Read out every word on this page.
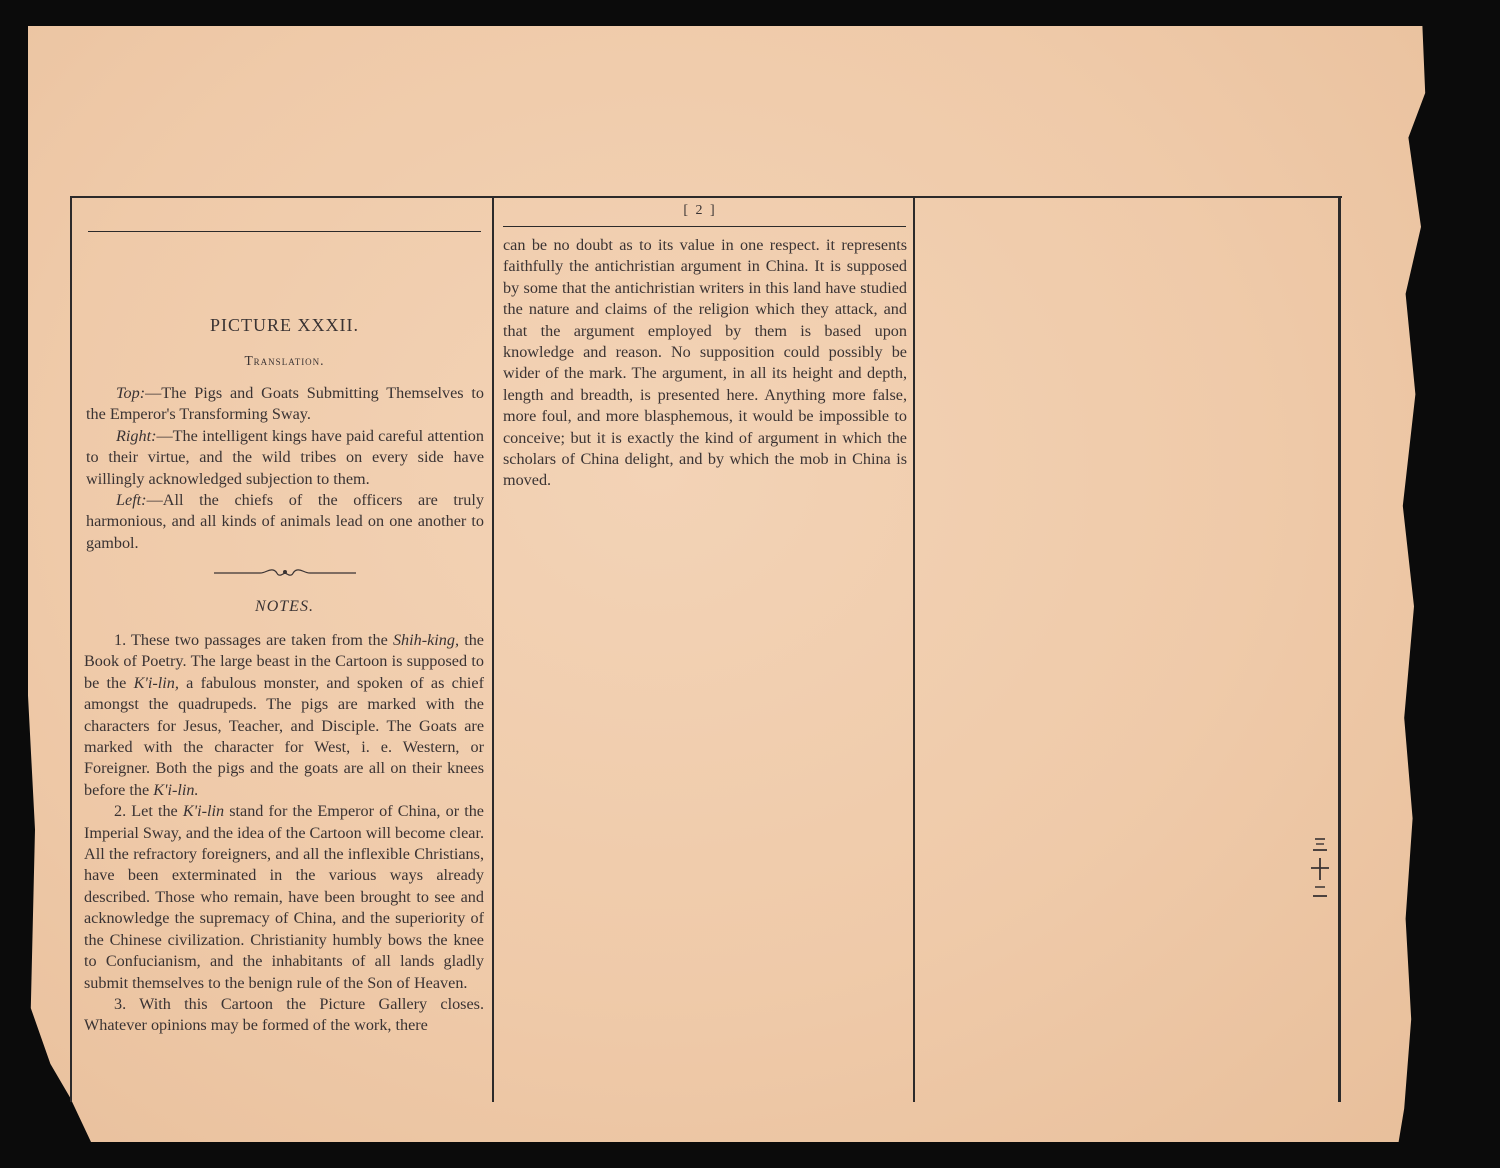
[ 2 ]
PICTURE XXXII.
Translation.

Top:—The Pigs and Goats Submitting Themselves to the Emperor's Transforming Sway.

Right:—The intelligent kings have paid careful attention to their virtue, and the wild tribes on every side have willingly acknowledged subjection to them.

Left:—All the chiefs of the officers are truly harmonious, and all kinds of animals lead on one another to gambol.

NOTES.

1. These two passages are taken from the Shih-king, the Book of Poetry. The large beast in the Cartoon is supposed to be the K'i-lin, a fabulous monster, and spoken of as chief amongst the quadrupeds. The pigs are marked with the characters for Jesus, Teacher, and Disciple. The Goats are marked with the character for West, i. e. Western, or Foreigner. Both the pigs and the goats are all on their knees before the K'i-lin.

2. Let the K'i-lin stand for the Emperor of China, or the Imperial Sway, and the idea of the Cartoon will become clear. All the refractory foreigners, and all the inflexible Christians, have been exterminated in the various ways already described. Those who remain, have been brought to see and acknowledge the supremacy of China, and the superiority of the Chinese civilization. Christianity humbly bows the knee to Confucianism, and the inhabitants of all lands gladly submit themselves to the benign rule of the Son of Heaven.

3. With this Cartoon the Picture Gallery closes. Whatever opinions may be formed of the work, there

can be no doubt as to its value in one respect. it represents faithfully the antichristian argument in China. It is supposed by some that the antichristian writers in this land have studied the nature and claims of the religion which they attack, and that the argument employed by them is based upon knowledge and reason. No supposition could possibly be wider of the mark. The argument, in all its height and depth, length and breadth, is presented here. Anything more false, more foul, and more blasphemous, it would be impossible to conceive; but it is exactly the kind of argument in which the scholars of China delight, and by which the mob in China is moved.
